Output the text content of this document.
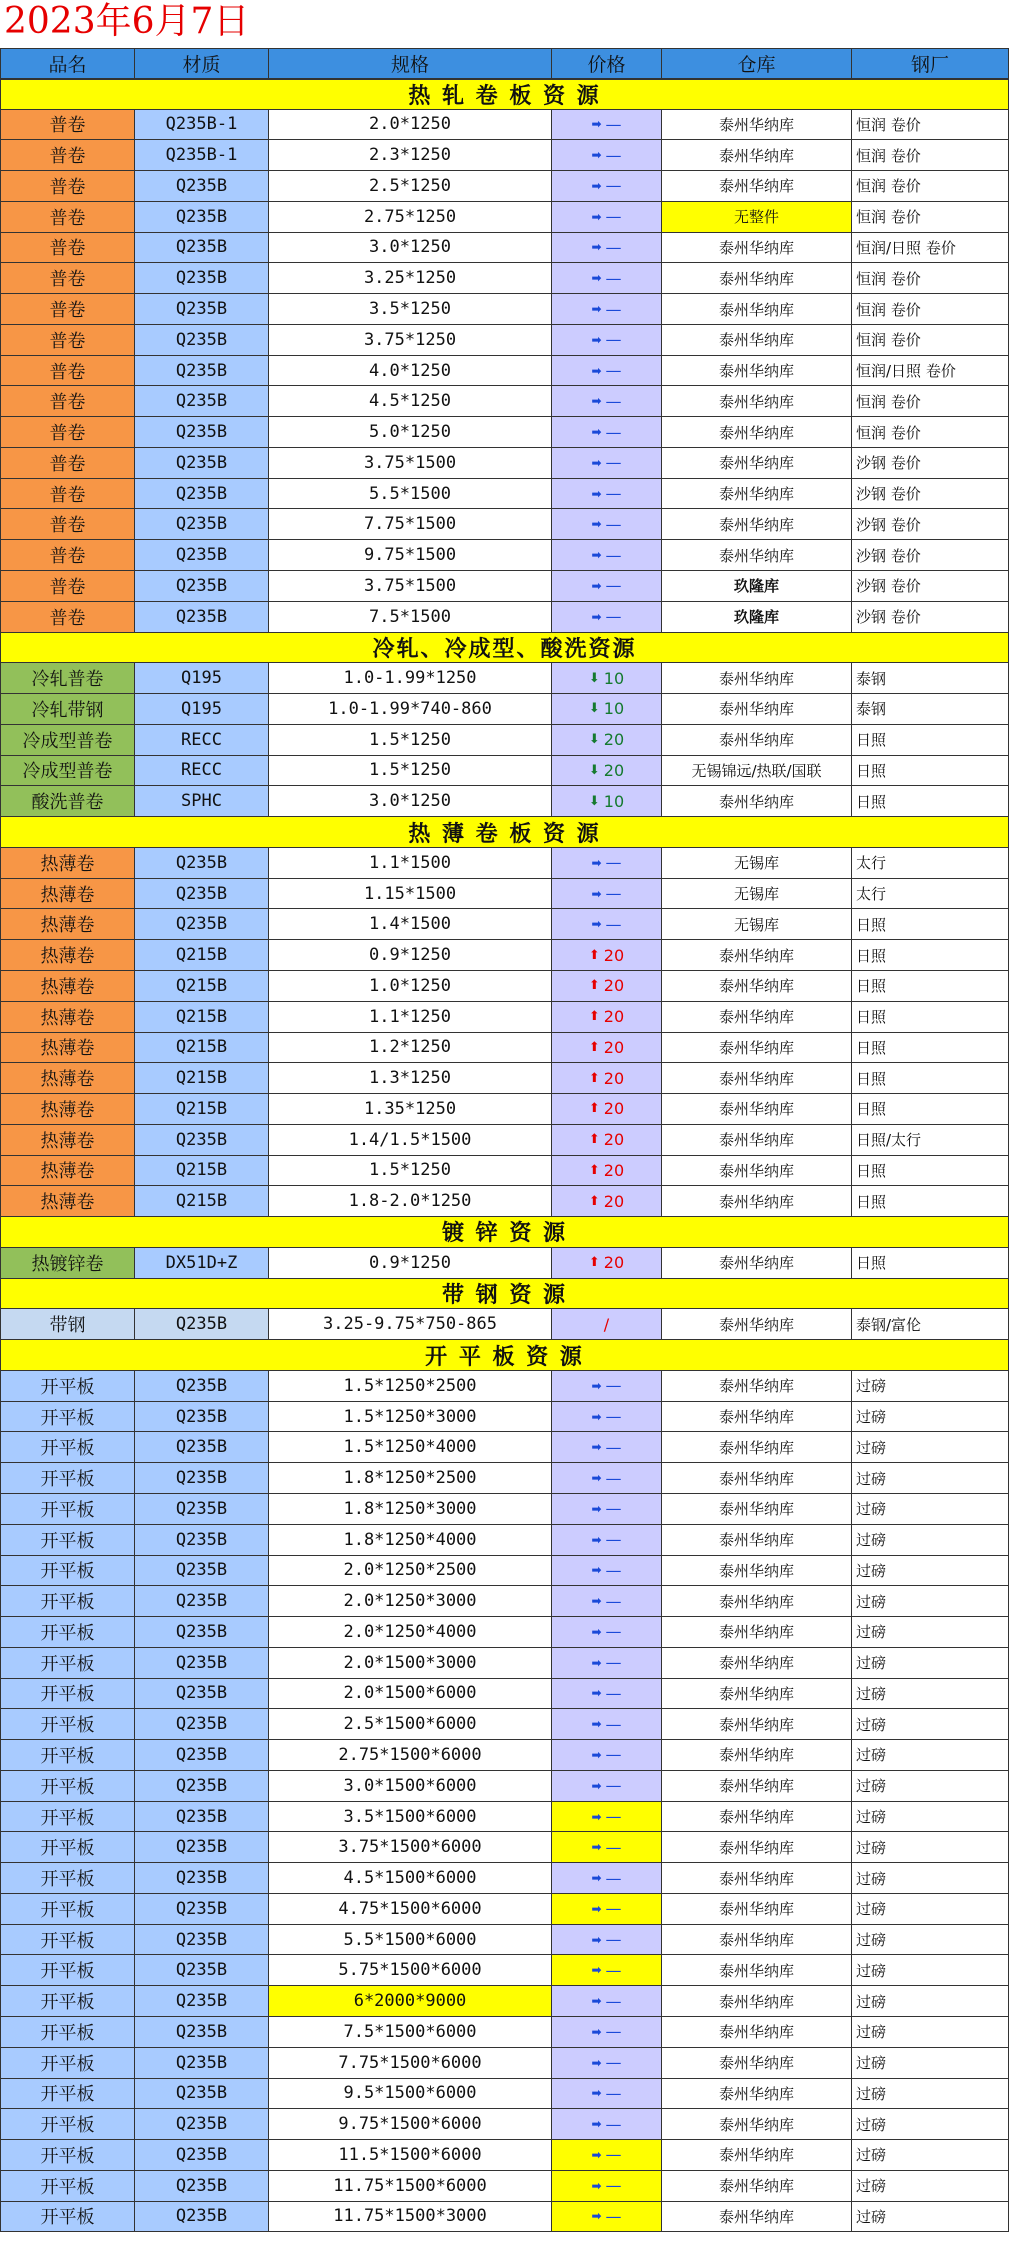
2023年6月7日
品名	材质	规格	价格	仓库	钢厂
热 轧 卷 板 资 源
普卷	Q235B-1	2.0*1250	➡ —	泰州华纳库	恒润 卷价
普卷	Q235B-1	2.3*1250	➡ —	泰州华纳库	恒润 卷价
普卷	Q235B	2.5*1250	➡ —	泰州华纳库	恒润 卷价
普卷	Q235B	2.75*1250	➡ —	无整件	恒润 卷价
普卷	Q235B	3.0*1250	➡ —	泰州华纳库	恒润/日照 卷价
普卷	Q235B	3.25*1250	➡ —	泰州华纳库	恒润 卷价
普卷	Q235B	3.5*1250	➡ —	泰州华纳库	恒润 卷价
普卷	Q235B	3.75*1250	➡ —	泰州华纳库	恒润 卷价
普卷	Q235B	4.0*1250	➡ —	泰州华纳库	恒润/日照 卷价
普卷	Q235B	4.5*1250	➡ —	泰州华纳库	恒润 卷价
普卷	Q235B	5.0*1250	➡ —	泰州华纳库	恒润 卷价
普卷	Q235B	3.75*1500	➡ —	泰州华纳库	沙钢 卷价
普卷	Q235B	5.5*1500	➡ —	泰州华纳库	沙钢 卷价
普卷	Q235B	7.75*1500	➡ —	泰州华纳库	沙钢 卷价
普卷	Q235B	9.75*1500	➡ —	泰州华纳库	沙钢 卷价
普卷	Q235B	3.75*1500	➡ —	玖隆库	沙钢 卷价
普卷	Q235B	7.5*1500	➡ —	玖隆库	沙钢 卷价
冷轧、冷成型、酸洗资源
冷轧普卷	Q195	1.0-1.99*1250	⬇ 10	泰州华纳库	泰钢
冷轧带钢	Q195	1.0-1.99*740-860	⬇ 10	泰州华纳库	泰钢
冷成型普卷	RECC	1.5*1250	⬇ 20	泰州华纳库	日照
冷成型普卷	RECC	1.5*1250	⬇ 20	无锡锦远/热联/国联	日照
酸洗普卷	SPHC	3.0*1250	⬇ 10	泰州华纳库	日照
热 薄 卷 板 资 源
热薄卷	Q235B	1.1*1500	➡ —	无锡库	太行
热薄卷	Q235B	1.15*1500	➡ —	无锡库	太行
热薄卷	Q235B	1.4*1500	➡ —	无锡库	日照
热薄卷	Q215B	0.9*1250	⬆ 20	泰州华纳库	日照
热薄卷	Q215B	1.0*1250	⬆ 20	泰州华纳库	日照
热薄卷	Q215B	1.1*1250	⬆ 20	泰州华纳库	日照
热薄卷	Q215B	1.2*1250	⬆ 20	泰州华纳库	日照
热薄卷	Q215B	1.3*1250	⬆ 20	泰州华纳库	日照
热薄卷	Q215B	1.35*1250	⬆ 20	泰州华纳库	日照
热薄卷	Q235B	1.4/1.5*1500	⬆ 20	泰州华纳库	日照/太行
热薄卷	Q215B	1.5*1250	⬆ 20	泰州华纳库	日照
热薄卷	Q215B	1.8-2.0*1250	⬆ 20	泰州华纳库	日照
镀 锌 资 源
热镀锌卷	DX51D+Z	0.9*1250	⬆ 20	泰州华纳库	日照
带 钢 资 源
带钢	Q235B	3.25-9.75*750-865	/	泰州华纳库	泰钢/富伦
开 平 板 资 源
开平板	Q235B	1.5*1250*2500	➡ —	泰州华纳库	过磅
开平板	Q235B	1.5*1250*3000	➡ —	泰州华纳库	过磅
开平板	Q235B	1.5*1250*4000	➡ —	泰州华纳库	过磅
开平板	Q235B	1.8*1250*2500	➡ —	泰州华纳库	过磅
开平板	Q235B	1.8*1250*3000	➡ —	泰州华纳库	过磅
开平板	Q235B	1.8*1250*4000	➡ —	泰州华纳库	过磅
开平板	Q235B	2.0*1250*2500	➡ —	泰州华纳库	过磅
开平板	Q235B	2.0*1250*3000	➡ —	泰州华纳库	过磅
开平板	Q235B	2.0*1250*4000	➡ —	泰州华纳库	过磅
开平板	Q235B	2.0*1500*3000	➡ —	泰州华纳库	过磅
开平板	Q235B	2.0*1500*6000	➡ —	泰州华纳库	过磅
开平板	Q235B	2.5*1500*6000	➡ —	泰州华纳库	过磅
开平板	Q235B	2.75*1500*6000	➡ —	泰州华纳库	过磅
开平板	Q235B	3.0*1500*6000	➡ —	泰州华纳库	过磅
开平板	Q235B	3.5*1500*6000	➡ —	泰州华纳库	过磅
开平板	Q235B	3.75*1500*6000	➡ —	泰州华纳库	过磅
开平板	Q235B	4.5*1500*6000	➡ —	泰州华纳库	过磅
开平板	Q235B	4.75*1500*6000	➡ —	泰州华纳库	过磅
开平板	Q235B	5.5*1500*6000	➡ —	泰州华纳库	过磅
开平板	Q235B	5.75*1500*6000	➡ —	泰州华纳库	过磅
开平板	Q235B	6*2000*9000	➡ —	泰州华纳库	过磅
开平板	Q235B	7.5*1500*6000	➡ —	泰州华纳库	过磅
开平板	Q235B	7.75*1500*6000	➡ —	泰州华纳库	过磅
开平板	Q235B	9.5*1500*6000	➡ —	泰州华纳库	过磅
开平板	Q235B	9.75*1500*6000	➡ —	泰州华纳库	过磅
开平板	Q235B	11.5*1500*6000	➡ —	泰州华纳库	过磅
开平板	Q235B	11.75*1500*6000	➡ —	泰州华纳库	过磅
开平板	Q235B	11.75*1500*3000	➡ —	泰州华纳库	过磅
